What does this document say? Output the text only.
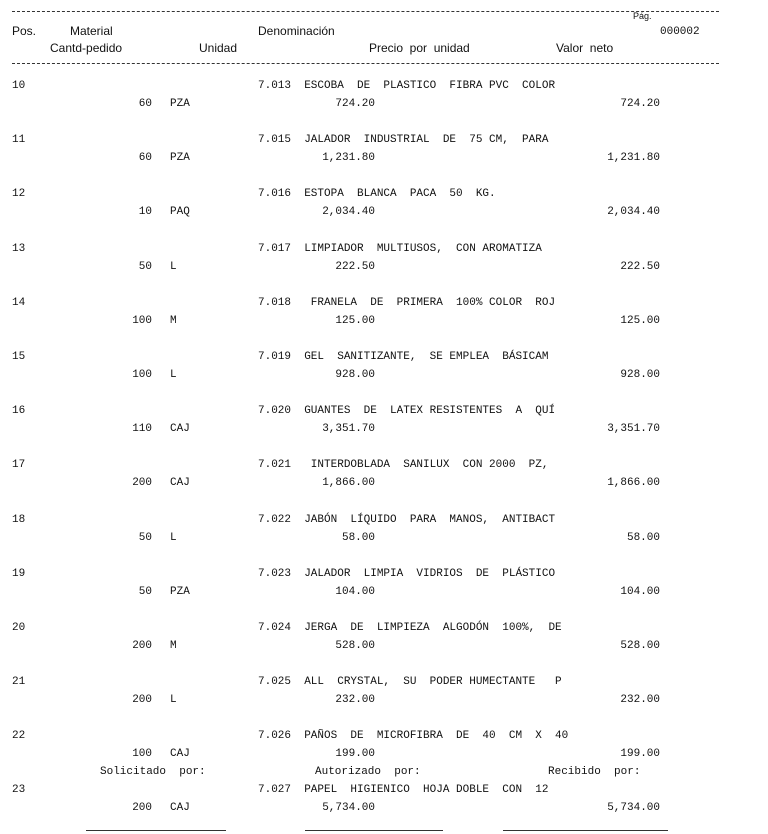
Pág.
000002
Pos.	Material	Denominación
Cantd-pedido	Unidad	Precio  por  unidad	Valor  neto
10	7.013  ESCOBA  DE  PLASTICO  FIBRA PVC  COLOR
60 PZA	724.20	724.20
11	7.015  JALADOR  INDUSTRIAL  DE  75 CM,  PARA
60 PZA	1,231.80	1,231.80
12	7.016  ESTOPA  BLANCA  PACA  50  KG.
10 PAQ	2,034.40	2,034.40
13	7.017  LIMPIADOR  MULTIUSOS,  CON AROMATIZA
50 L	222.50	222.50
14	7.018   FRANELA  DE  PRIMERA  100% COLOR  ROJ
100 M	125.00	125.00
15	7.019  GEL  SANITIZANTE,  SE EMPLEA  BÁSICAM
100 L	928.00	928.00
16	7.020  GUANTES  DE  LATEX RESISTENTES  A  QUÍ
110 CAJ	3,351.70	3,351.70
17	7.021   INTERDOBLADA  SANILUX  CON 2000  PZ,
200 CAJ	1,866.00	1,866.00
18	7.022  JABÓN  LÍQUIDO  PARA  MANOS,  ANTIBACT
50 L	58.00	58.00
19	7.023  JALADOR  LIMPIA  VIDRIOS  DE  PLÁSTICO
50 PZA	104.00	104.00
20	7.024  JERGA  DE  LIMPIEZA  ALGODÓN  100%,  DE
200 M	528.00	528.00
21	7.025  ALL  CRYSTAL,  SU  PODER HUMECTANTE   P
200 L	232.00	232.00
22	7.026  PAÑOS  DE  MICROFIBRA  DE  40  CM  X  40
100 CAJ	199.00	199.00
Solicitado  por:	Autorizado  por:	Recibido  por:
23	7.027  PAPEL  HIGIENICO  HOJA DOBLE  CON  12
200 CAJ	5,734.00	5,734.00
